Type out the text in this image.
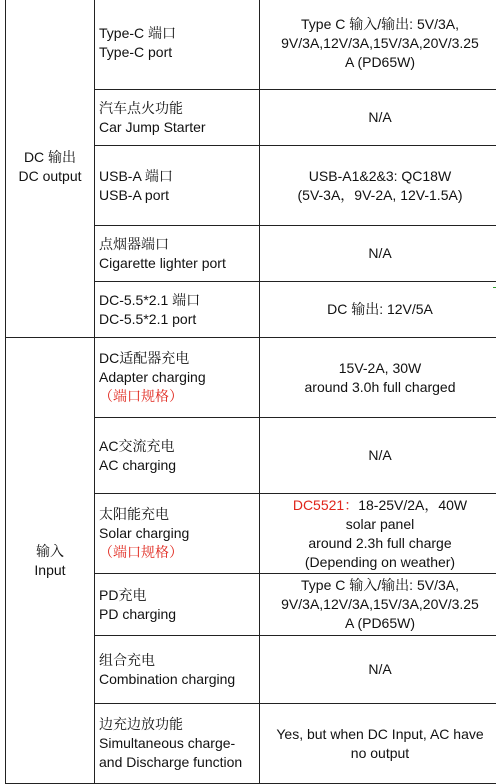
DC 输出
DC output	Type-C 端口
Type-C port	Type C 输入/输出: 5V/3A,
9V/3A,12V/3A,15V/3A,20V/3.25
A (PD65W)

	汽车点火功能
Car Jump Starter	N/A

	USB-A 端口
USB-A port	USB-A1&2&3: QC18W
(5V-3A，9V-2A, 12V-1.5A)

	点烟器端口
Cigarette lighter port	N/A

	DC-5.5*2.1 端口
DC-5.5*2.1 port	DC 输出: 12V/5A

输入
Input	DC适配器充电
Adapter charging
（端口规格）	15V-2A, 30W
around 3.0h full charged

	AC交流充电
AC charging	N/A

	太阳能充电
Solar charging
（端口规格）	DC5521：18-25V/2A，40W
solar panel
around 2.3h full charge
(Depending on weather)

	PD充电
PD charging	Type C 输入/输出: 5V/3A,
9V/3A,12V/3A,15V/3A,20V/3.25
A (PD65W)

	组合充电
Combination charging	N/A

	边充边放功能
Simultaneous charge-
and Discharge function	Yes, but when DC Input, AC have
no output
